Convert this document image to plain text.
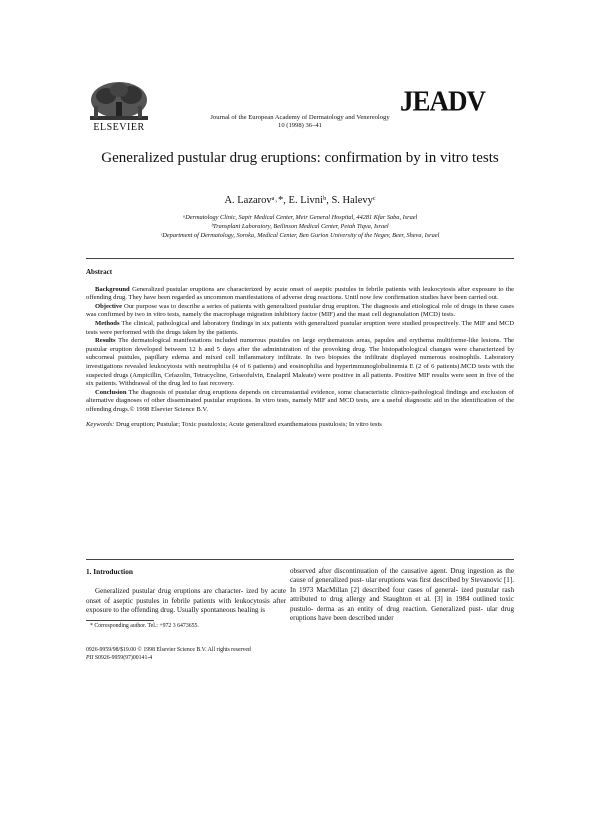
ELSEVIER
Journal of the European Academy of Dermatology and Venereology
10 (1998) 36–41
JEADV
Generalized pustular drug eruptions: confirmation by in vitro tests
A. Lazarovᵃ˒*, E. Livniᵇ, S. Halevyᶜ
ᵃDermatology Clinic, Sapir Medical Center, Meir General Hospital, 44281 Kfar Saba, Israel
ᵇTransplant Laboratory, Beilinson Medical Center, Petah Tiqva, Israel
ᶜDepartment of Dermatology, Soroka, Medical Center, Ben Gurion University of the Negev, Beer, Sheva, Israel
Abstract

Background Generalized pustular eruptions are characterized by acute onset of aseptic pustules in febrile patients with leukocytosis after exposure to the offending drug. They have been regarded as uncommon manifestations of adverse drug reactions. Until now few confirmation studies have been carried out.

Objective Our purpose was to describe a series of patients with generalized pustular drug eruption. The diagnosis and etiological role of drugs in these cases was confirmed by two in vitro tests, namely the macrophage migration inhibitory factor (MIF) and the mast cell degranulation (MCD) tests.

Methods The clinical, pathological and laboratory findings in six patients with generalized pustular eruption were studied prospectively. The MIF and MCD tests were performed with the drugs taken by the patients.

Results The dermatological manifestations included numerous pustules on large erythematous areas, papules and erythema multiforme-like lesions. The pustular eruption developed between 12 h and 5 days after the administration of the provoking drug. The histopathological changes were characterized by subcorneal pustules, papillary edema and mixed cell inflammatory infiltrate. In two biopsies the infiltrate displayed numerous eosinophils. Laboratory investigations revealed leukocytosis with neutrophilia (4 of 6 patients) and eosinophilia and hyperimmunoglobulinemia E (2 of 6 patients).MCD tests with the suspected drugs (Ampicillin, Cefazolin, Tetracycline, Griseofulvin, Enalapril Maleate) were positive in all patients. Positive MIF results were seen in five of the six patients. Withdrawal of the drug led to fast recovery.

Conclusion The diagnosis of pustular drug eruptions depends on circumstantial evidence, some characteristic clinico-pathological findings and exclusion of alternative diagnoses of other disseminated pustular eruptions. In vitro tests, namely MIF and MCD tests, are a useful diagnostic aid in the identification of the offending drugs.© 1998 Elsevier Science B.V.

Keywords: Drug eruption; Pustular; Toxic pustuloxis; Acute generalized exanthematous pustulosis; In vitro tests
1. Introduction

Generalized pustular drug eruptions are character- ized by acute onset of aseptic pustules in febrile patients with leukocytosis after exposure to the offending drug. Usually spontaneous healing is

observed after discontinuation of the causative agent. Drug ingestion as the cause of generalized pust- ular eruptions was first described by Stevanovic [1]. In 1973 MacMillan [2] described four cases of general- ized pustular rash attributed to drug allergy and Staughton et al. [3] in 1984 outlined toxic pustulo- derma as an entity of drug reaction. Generalized pust- ular drug eruptions have been described under
* Corresponding author. Tel.: +972 3 6473655.
0926-9959/98/$19.00 © 1998 Elsevier Science B.V. All rights reserved
PII S0926-9959(97)00141-4
